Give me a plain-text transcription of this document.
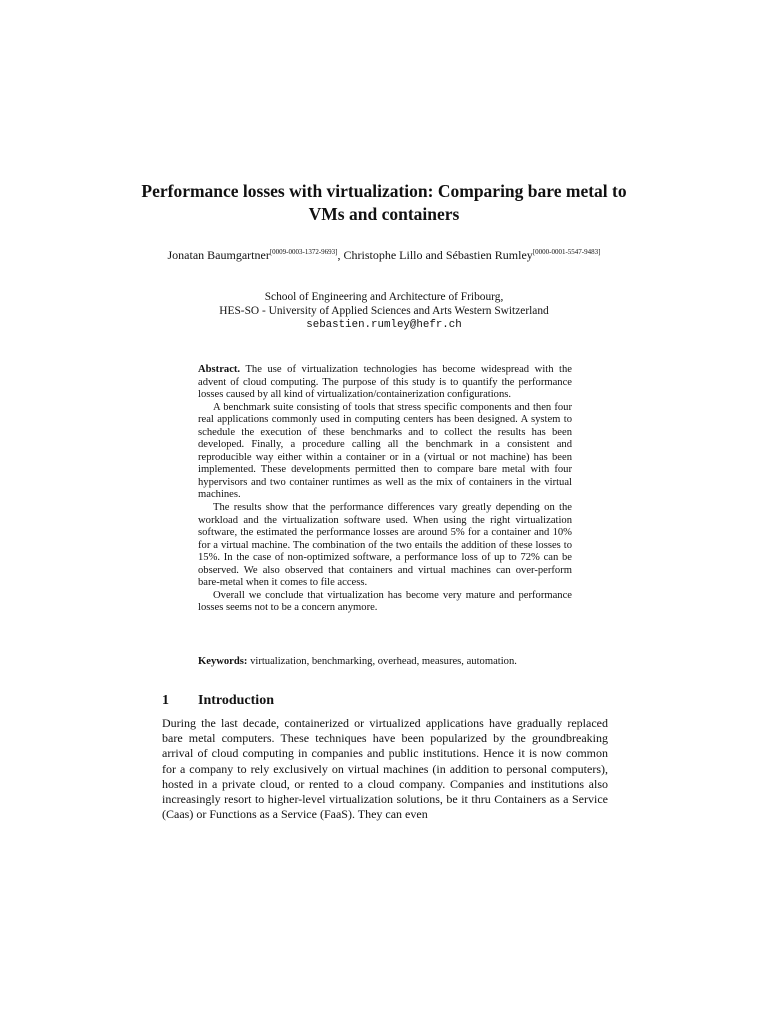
Performance losses with virtualization: Comparing bare metal to VMs and containers
Jonatan Baumgartner[0009-0003-1372-9693], Christophe Lillo and Sébastien Rumley[0000-0001-5547-9483]
School of Engineering and Architecture of Fribourg,
HES-SO - University of Applied Sciences and Arts Western Switzerland
sebastien.rumley@hefr.ch

Abstract. The use of virtualization technologies has become widespread with the advent of cloud computing. The purpose of this study is to quantify the performance losses caused by all kind of virtualization/containerization configurations.

A benchmark suite consisting of tools that stress specific components and then four real applications commonly used in computing centers has been designed. A system to schedule the execution of these benchmarks and to collect the results has been developed. Finally, a procedure calling all the benchmark in a consistent and reproducible way either within a container or in a (virtual or not machine) has been implemented. These developments permitted then to compare bare metal with four hypervisors and two container runtimes as well as the mix of containers in the virtual machines.

The results show that the performance differences vary greatly depending on the workload and the virtualization software used. When using the right virtualization software, the estimated the performance losses are around 5% for a container and 10% for a virtual machine. The combination of the two entails the addition of these losses to 15%. In the case of non-optimized software, a performance loss of up to 72% can be observed. We also observed that containers and virtual machines can over-perform bare-metal when it comes to file access.

Overall we conclude that virtualization has become very mature and performance losses seems not to be a concern anymore.

Keywords: virtualization, benchmarking, overhead, measures, automation.
1 Introduction

During the last decade, containerized or virtualized applications have gradually replaced bare metal computers. These techniques have been popularized by the groundbreaking arrival of cloud computing in companies and public institutions. Hence it is now common for a company to rely exclusively on virtual machines (in addition to personal computers), hosted in a private cloud, or rented to a cloud company. Companies and institutions also increasingly resort to higher-level virtualization solutions, be it thru Containers as a Service (Caas) or Functions as a Service (FaaS). They can even
